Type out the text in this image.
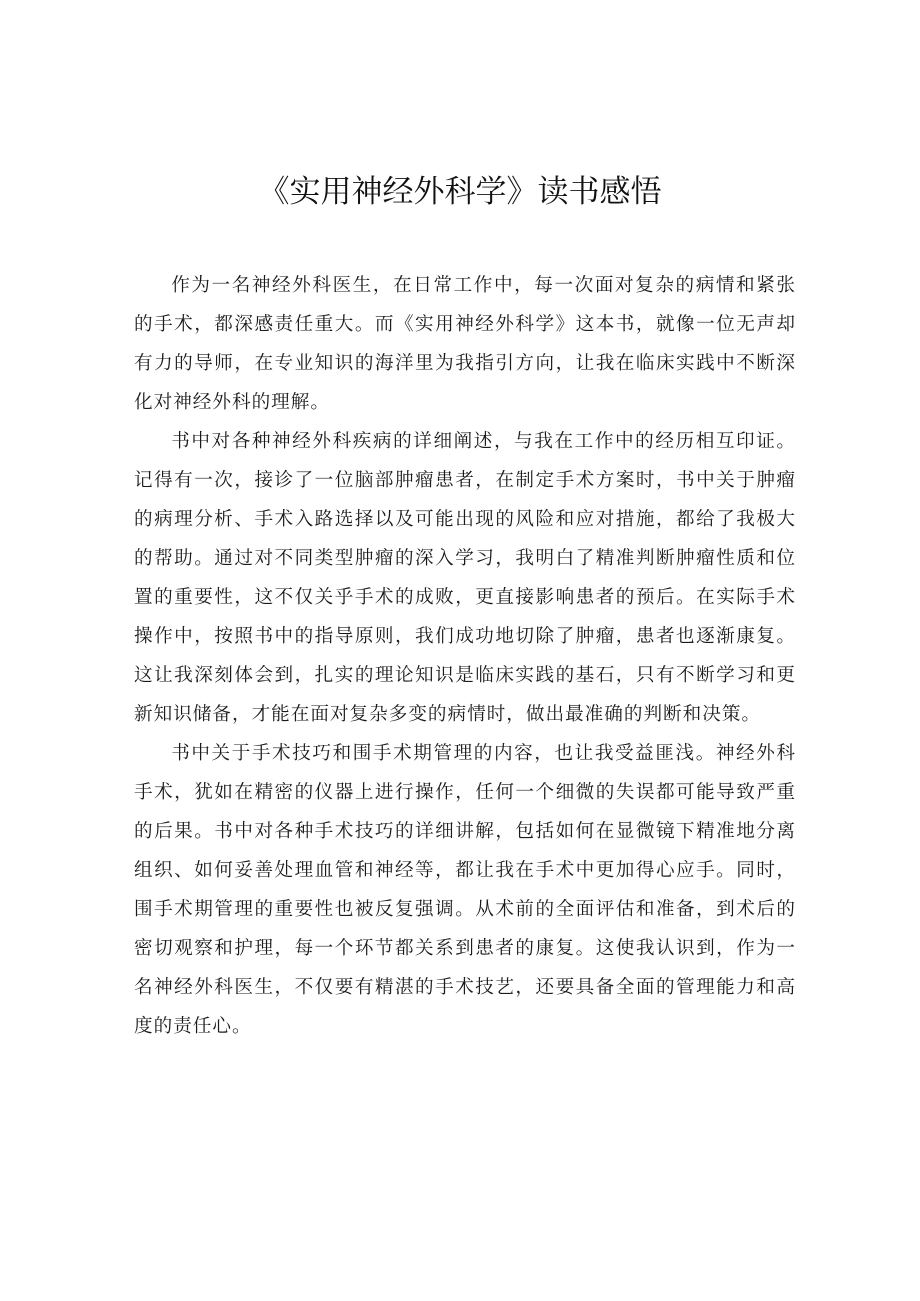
《实用神经外科学》读书感悟

作为一名神经外科医生，在日常工作中，每一次面对复杂的病情和紧张的手术，都深感责任重大。而《实用神经外科学》这本书，就像一位无声却有力的导师，在专业知识的海洋里为我指引方向，让我在临床实践中不断深化对神经外科的理解。

书中对各种神经外科疾病的详细阐述，与我在工作中的经历相互印证。记得有一次，接诊了一位脑部肿瘤患者，在制定手术方案时，书中关于肿瘤的病理分析、手术入路选择以及可能出现的风险和应对措施，都给了我极大的帮助。通过对不同类型肿瘤的深入学习，我明白了精准判断肿瘤性质和位置的重要性，这不仅关乎手术的成败，更直接影响患者的预后。在实际手术操作中，按照书中的指导原则，我们成功地切除了肿瘤，患者也逐渐康复。这让我深刻体会到，扎实的理论知识是临床实践的基石，只有不断学习和更新知识储备，才能在面对复杂多变的病情时，做出最准确的判断和决策。

书中关于手术技巧和围手术期管理的内容，也让我受益匪浅。神经外科手术，犹如在精密的仪器上进行操作，任何一个细微的失误都可能导致严重的后果。书中对各种手术技巧的详细讲解，包括如何在显微镜下精准地分离组织、如何妥善处理血管和神经等，都让我在手术中更加得心应手。同时，围手术期管理的重要性也被反复强调。从术前的全面评估和准备，到术后的密切观察和护理，每一个环节都关系到患者的康复。这使我认识到，作为一名神经外科医生，不仅要有精湛的手术技艺，还要具备全面的管理能力和高度的责任心。
